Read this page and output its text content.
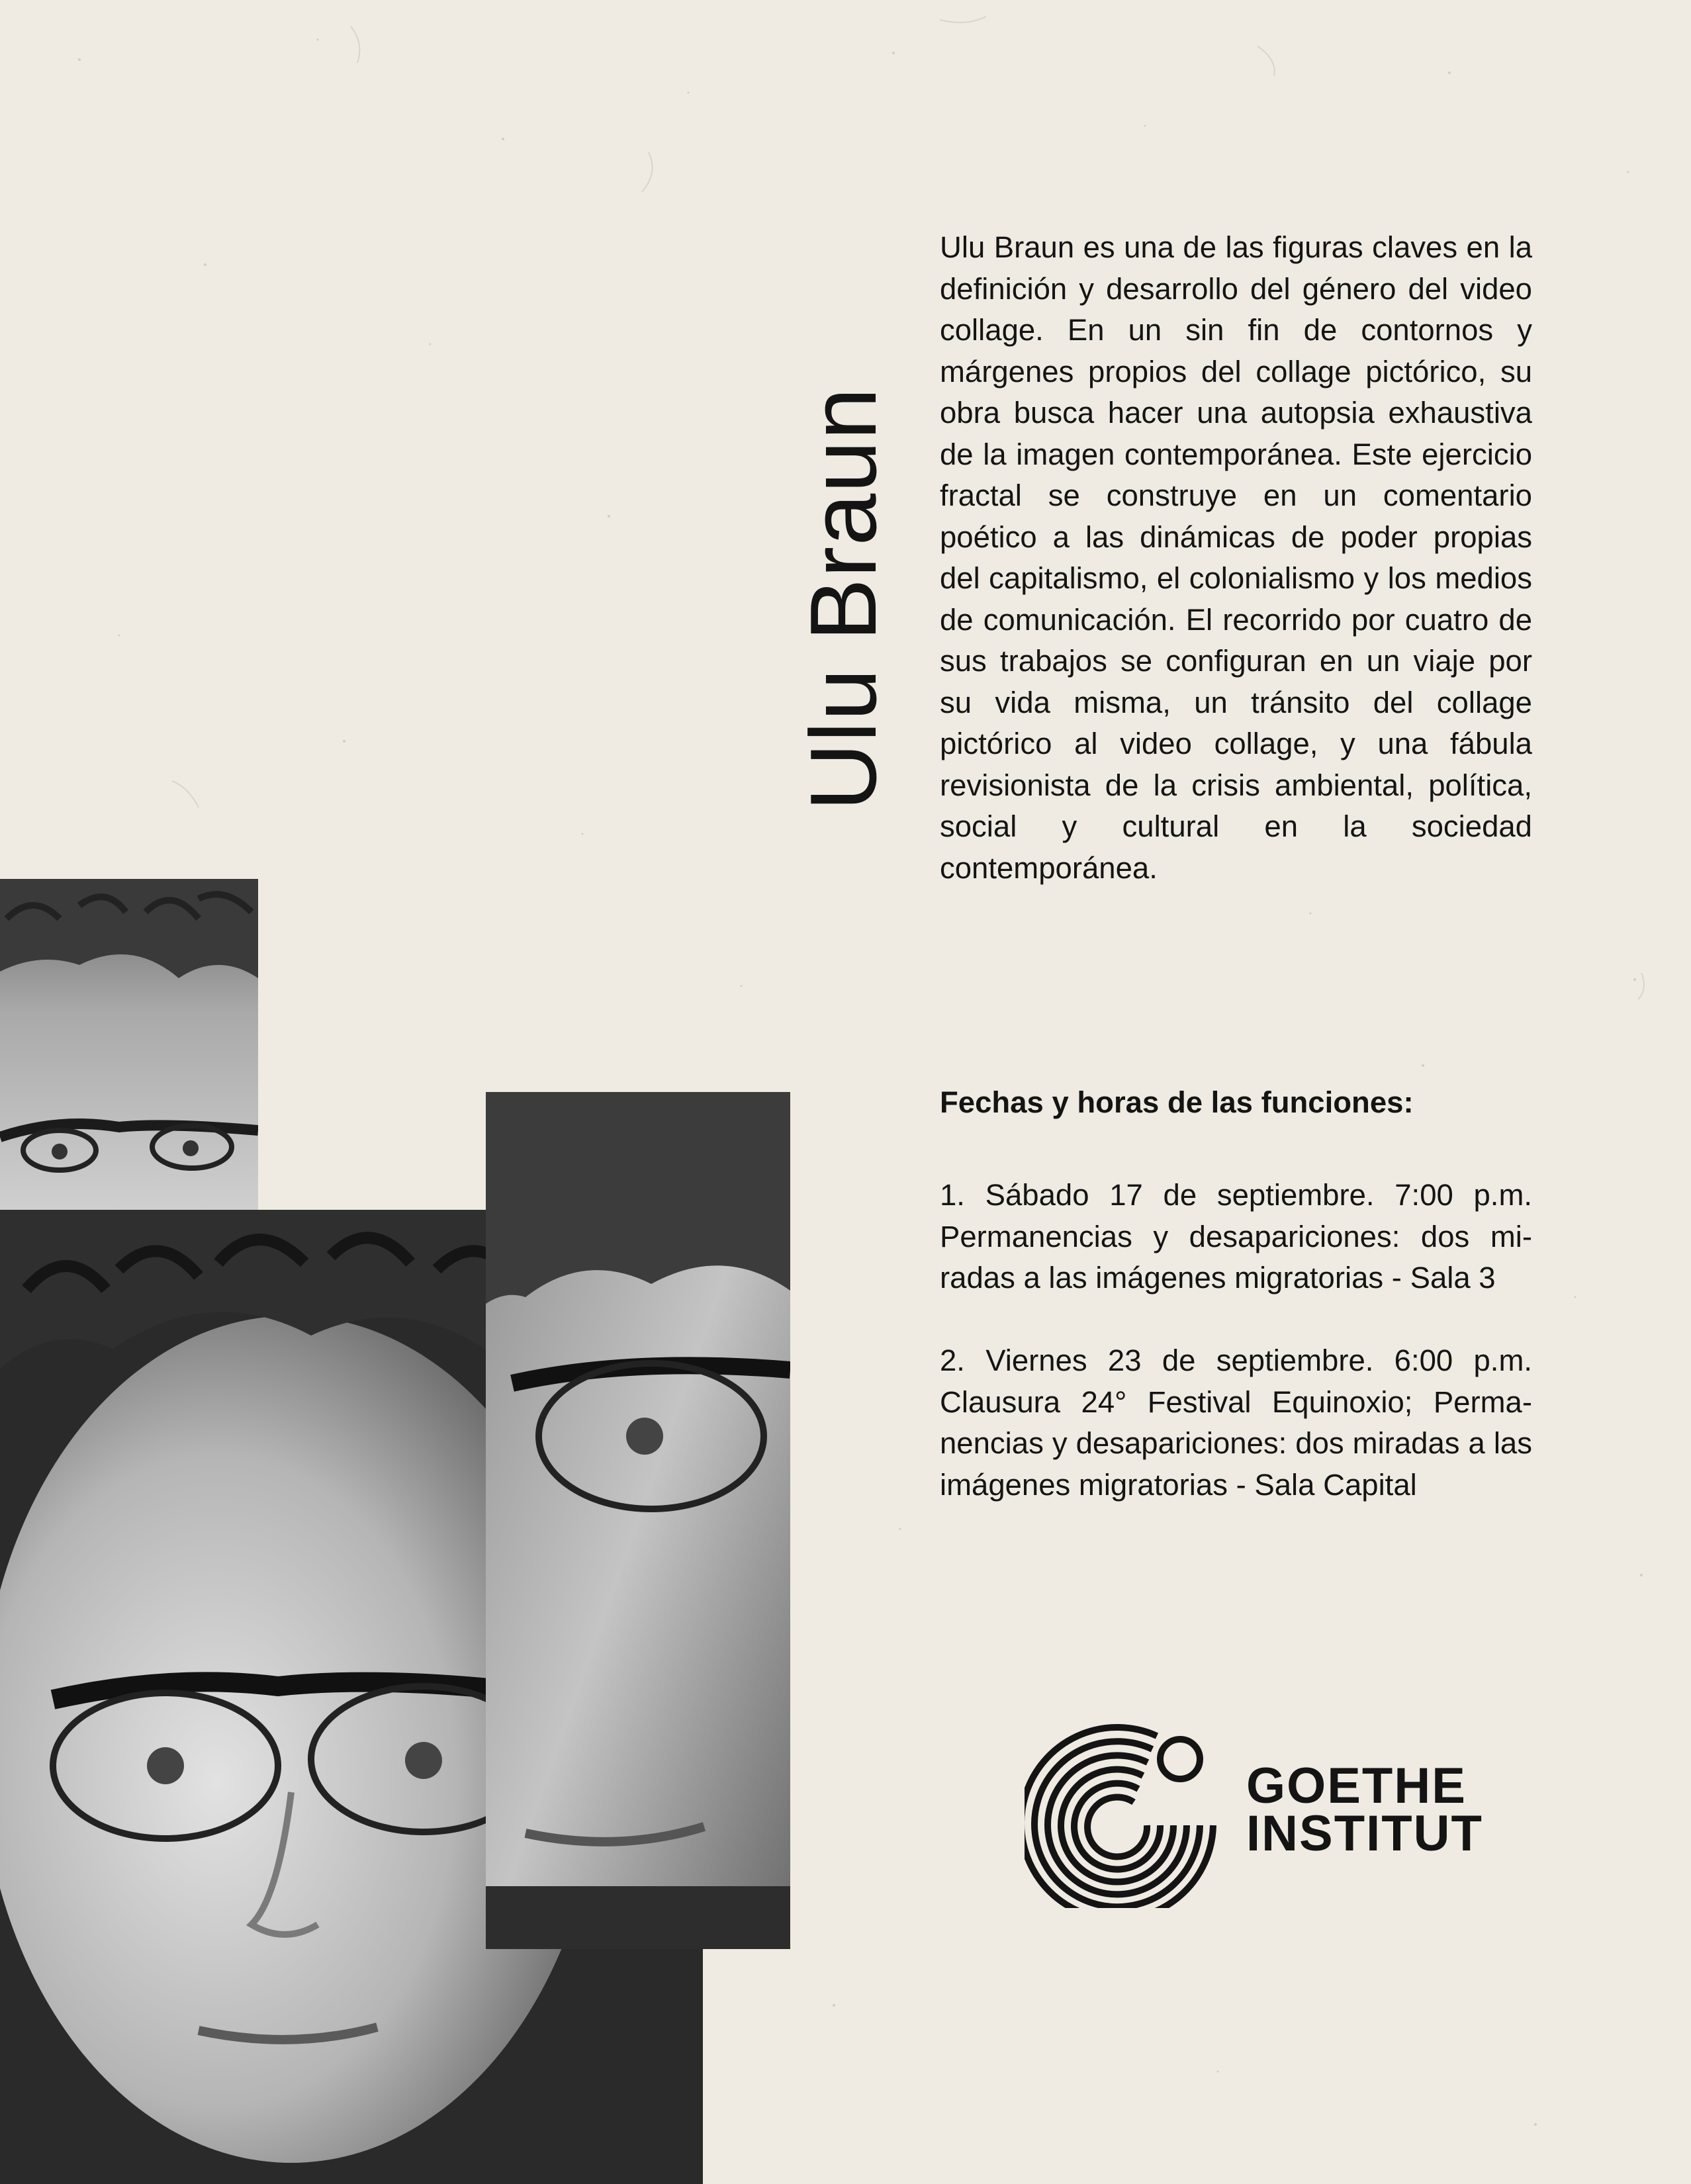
Ulu Braun

Ulu Braun es una de las figuras claves en la definición y desarrollo del género del video collage. En un sin fin de contornos y márgenes propios del collage pictórico, su obra busca hacer una autopsia exhaustiva de la imagen contemporánea. Este ejercicio fractal se construye en un comentario poético a las dinámicas de poder propias del capitalismo, el colonialismo y los medios de comunicación. El recorrido por cuatro de sus trabajos se configuran en un viaje por su vida misma, un tránsito del collage pictórico al video collage, y una fábula revisionista de la crisis ambiental, política, social y cultural en la sociedad contemporánea.

Fechas y horas de las funciones:

1. Sábado 17 de septiembre. 7:00 p.m. Permanencias y desapariciones: dos miradas a las imágenes migratorias - Sala 3

2. Viernes 23 de septiembre. 6:00 p.m. Clausura 24° Festival Equinoxio; Permanencias y desapariciones: dos miradas a las imágenes migratorias - Sala Capital

GOETHE
INSTITUT
